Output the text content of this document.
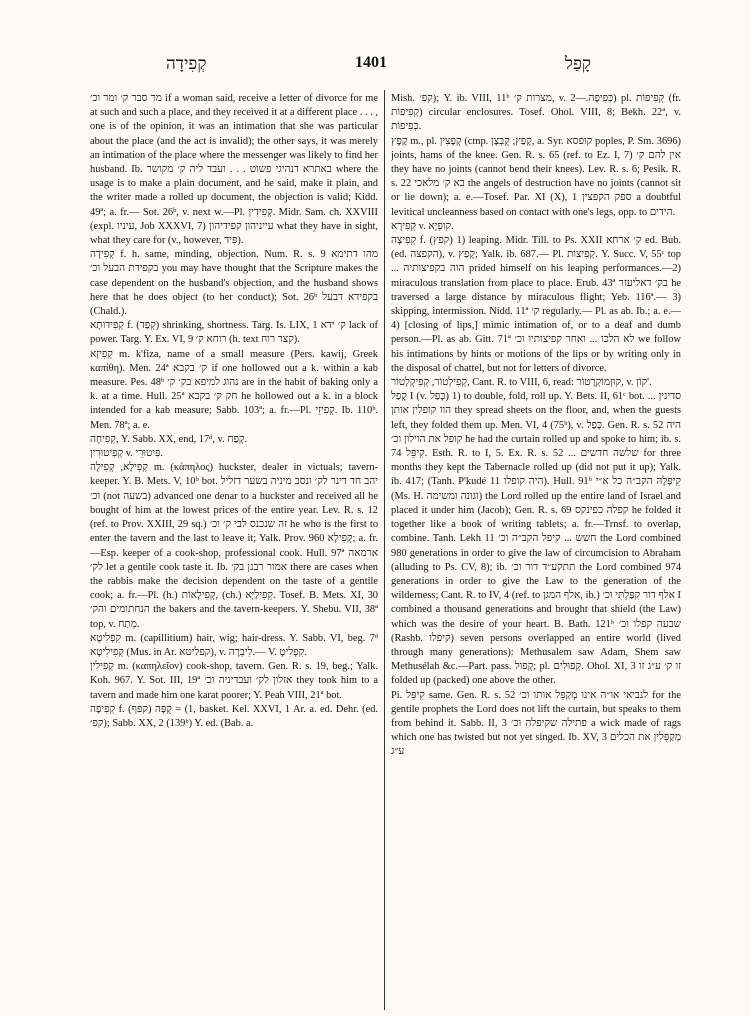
קְפִידָה	1401	קָפַל

מר סבר ק׳ ומר וכ׳ if a woman said, receive a letter of divorce for me at such and such a place, and they received it at a different place . . . , one is of the opinion, it was an intimation that she was particular about the place (and the act is invalid); the other says, it was merely an intimation of the place where the messenger was likely to find her husband. Ib. באתרא דנהיגי פשוט . . . ועבד ליה ק׳ מקושר where the usage is to make a plain document, and he said, make it plain, and the writer made a rolled up document, the objection is valid; Kidd. 49ª; a. fr.— Sot. 26ᵇ, v. next w.—Pl. קְפִידִין. Midr. Sam. ch. XXVIII (expl. עיניו, Job XXXVI, 7) עייניהון קפידיהון what they have in sight, what they care for (v., however, פִּיד).

קְפִידָה f. h. same, minding, objection. Num. R. s. 9 מהו דתימא בקפידת הבעל וכ׳ you may have thought that the Scripture makes the case dependent on the husband's objection, and the husband shows here that he does object (to her conduct); Sot. 26ᵇ בקפידא דבעל (Chald.).

קְפִידוּתָא f. (קְפַד) shrinking, shortness. Targ. Is. LIX, 1 ק׳ ידא lack of power. Targ. Y. Ex. VI, 9 רוחא ק׳ (h. text קצר רוח).

קְפִיזָא m. k'fiza, name of a small measure (Pers. kawij, Greek καπίθη). Men. 24ª ק׳ בקבא if one hollowed out a k. within a kab measure. Pes. 48ᵇ נהוג למיפא בק׳ ק׳ are in the habit of baking only a k. at a time. Hull. 25ª חק ק׳ בקבא he hollowed out a k. in a block intended for a kab measure; Sabb. 103ª; a. fr.—Pl. קְפִיזֵי. Ib. 110ᵇ. Men. 78ª; a. e.

קְפִיחָה, Y. Sabb. XX, end, 17ᵈ, v. קָפַח.

קְפִיטוּרִין v. פִּיטוּרֵי.

קְפִילָא, קְפִילָה m. (κάπηλος) huckster, dealer in victuals; tavern-keeper. Y. B. Mets. V, 10ᵇ bot. יהב חד דינר לק׳ ונסב מיניה בשער דזליל וכ׳ (not בשעה) advanced one denar to a huckster and received all he bought of him at the lowest prices of the entire year. Lev. R. s. 12 (ref. to Prov. XXIII, 29 sq.) זה שנכנס לבי ק׳ וכ׳ he who is the first to enter the tavern and the last to leave it; Yalk. Prov. 960 קְפִילָא; a. fr.—Esp. keeper of a cook-shop, professional cook. Hull. 97ª ארמאה לק׳ let a gentile cook taste it. Ib. אמור רבנן בק׳ there are cases when the rabbis make the decision dependent on the taste of a gentile cook; a. fr.—Pl. (h.) קְפִילָאוֹת, (ch.) קְפִילַיָּא. Tosef. B. Mets. XI, 30 הנחתומים והק׳ the bakers and the tavern-keepers. Y. Shebu. VII, 38ª top, v. מְתַח.

קִפְלִיטָא m. (capillitium) hair, wig; hair-dress. Y. Sabb. VI, beg. 7ᵈ קְפִילִיטָא (Mus. in Ar. קפליטא), v. לִיבְרָה.— V. קִפְלִיטָ.

קְפִילִין m. (καπηλεῖον) cook-shop, tavern. Gen. R. s. 19, beg.; Yalk. Koh. 967. Y. Sot. III, 19ª אזלון לק׳ ועבדיניה וכ׳ they took him to a tavern and made him one karat poorer; Y. Peah VIII, 21ª bot.

קְפִיפָה f. (קפף) 1) = קֻפָּה, basket. Kel. XXVI, 1 Ar. a. ed. Dehr. (ed. קפ׳); Sabb. XX, 2 (139ᵇ) Y. ed. (Bab. a.

Mish. קפ׳); Y. ib. VIII, 11ᵇ מצרות ק׳, v. כְּפִיפָה.—2) pl. קְפִיפוֹת (fr. קְפִיפוֹת) circular enclosures. Tosef. Ohol. VIII, 8; Bekh. 22ª, v. כְּפִיפוֹת.

קֶפֶץ m., pl. קְפָצִין (cmp. קָפַץ; קֻבְּצָן, a. Syr. קופסא poples, P. Sm. 3696) joints, hams of the knee. Gen. R. s. 65 (ref. to Ez. I, 7) אין להם ק׳ they have no joints (cannot bend their knees). Lev. R. s. 6; Pesik. R. s. 22 בא ק׳ מלאכי the angels of destruction have no joints (cannot sit or lie down); a. e.—Tosef. Par. XI (X), 1 ספק הקפצין a doubtful levitical uncleanness based on contact with one's legs, opp. to הידים.

קְפִירָא v. קוּפְיָא.

קְפִיצָה f. (קפץ) 1) leaping. Midr. Till. to Ps. XXII ק׳ ארחא ed. Bub. (ed. הקפצה), v. קָפַץ; Yalk. ib. 687.— Pl. קְפִיצוֹת. Y. Succ. V, 55ᶜ top ... הוה בקפיצותיה prided himself on his leaping performances.—2) miraculous translation from place to place. Erub. 43ª בק׳ דאליעזר he traversed a large distance by miraculous flight; Yeb. 116ª.— 3) skipping, intermission. Nidd. 11ª ק׳ regularly.— Pl. as ab. Ib.; a. e.—4) [closing of lips,] mimic intimation of, or to a deaf and dumb person.—Pl. as ab. Gitt. 71ª לא הלכו ... ואחר קפיצותיו וכ׳ we follow his intimations by hints or motions of the lips or by writing only in the disposal of chattel, but not for letters of divorce.

קְפִילְטוֹר, קְפִיקְלְטוֹר, Cant. R. to VIII, 6, read: קוּזְמוֹקְרָטוֹר, v. קוֹזְ'.

קָפַל I (v. כָּפַל) 1) to double, fold, roll up. Y. Bets. II, 61ᶜ bot. ... סדינין הוו קופלין אותן they spread sheets on the floor, and, when the guests left, they folded them up. Men. VI, 4 (75ᵇ), v. כָּפַל. Gen. R. s. 52 היה קופל את הוילון וכ׳ he had the curtain rolled up and spoke to him; ib. s. 74 קִיפֵּל. Esth. R. to I, 5. Ex. R. s. 52 ... שלשה חדשים for three months they kept the Tabernacle rolled up (did not put it up); Yalk. ib. 417; (Tanh. P'kudé 11 היה קופלו). Hull. 91ᵇ קִיפְּלָהּ הקב״ה כל א״י (Ms. H. וגונה ומשימה) the Lord rolled up the entire land of Israel and placed it under him (Jacob); Gen. R. s. 69 קפלה כפינקס he folded it together like a book of writing tablets; a. fr.—Trnsf. to overlap, combine. Tanh. Lekh 11 חשש ... קיפל הקב״ה וכ׳ the Lord combined 980 generations in order to give the law of circumcision to Abraham (alluding to Ps. CV, 8); ib. תתקע״ד דור וכ׳ the Lord combined 974 generations in order to give the Law to the generation of the wilderness; Cant. R. to IV, 4 (ref. to אלף המגן, ib.) אלף דור קִפַּלְתִּי וכ׳ I combined a thousand generations and brought that shield (the Law) which was the desire of your heart. B. Bath. 121ᵇ שבעה קפלו וכ׳ (Rashb. קיפלו) seven persons overlapped an entire world (lived through many generations): Methusalem saw Adam, Shem saw Methusélah &c.—Part. pass. קָפוּל; pl. קְפוּלִים. Ohol. XI, 3 זו ק׳ ע״ג זו folded up (packed) one above the other.

Pi. קִיפֵּל same. Gen. R. s. 52 לנביאי או״ה אינו מְקַפֵּל אותו וכ׳ for the gentile prophets the Lord does not lift the curtain, but speaks to them from behind it. Sabb. II, 3 פתילה שקיפלה וכ׳ a wick made of rags which one has twisted but not yet singed. Ib. XV, 3 מְקַפְּלִין את הכלים ע״ג
